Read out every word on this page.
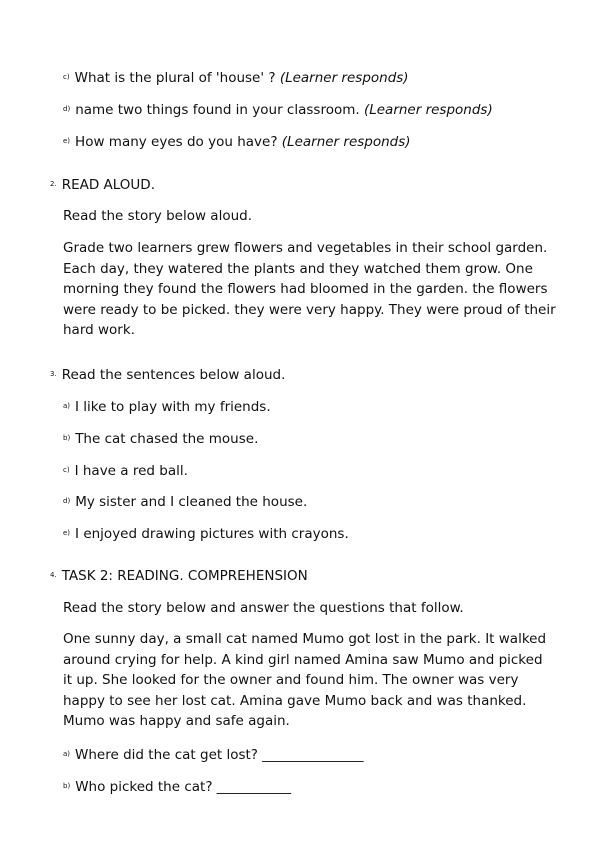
c) What is the plural of 'house' ? (Learner responds)
d) name two things found in your classroom. (Learner responds)
e) How many eyes do you have? (Learner responds)
2. READ ALOUD.
Read the story below aloud.

Grade two learners grew flowers and vegetables in their school garden.

Each day, they watered the plants and they watched them grow. One

morning they found the flowers had bloomed in the garden. the flowers

were ready to be picked. they were very happy. They were proud of their

hard work.

3. Read the sentences below aloud.
a) I like to play with my friends.
b) The cat chased the mouse.
c) I have a red ball.
d) My sister and I cleaned the house.
e) I enjoyed drawing pictures with crayons.
4. TASK 2: READING. COMPREHENSION
Read the story below and answer the questions that follow.

One sunny day, a small cat named Mumo got lost in the park. It walked

around crying for help. A kind girl named Amina saw Mumo and picked

it up. She looked for the owner and found him. The owner was very

happy to see her lost cat. Amina gave Mumo back and was thanked.

Mumo was happy and safe again.

a) Where did the cat get lost? _______________
b) Who picked the cat? ___________
